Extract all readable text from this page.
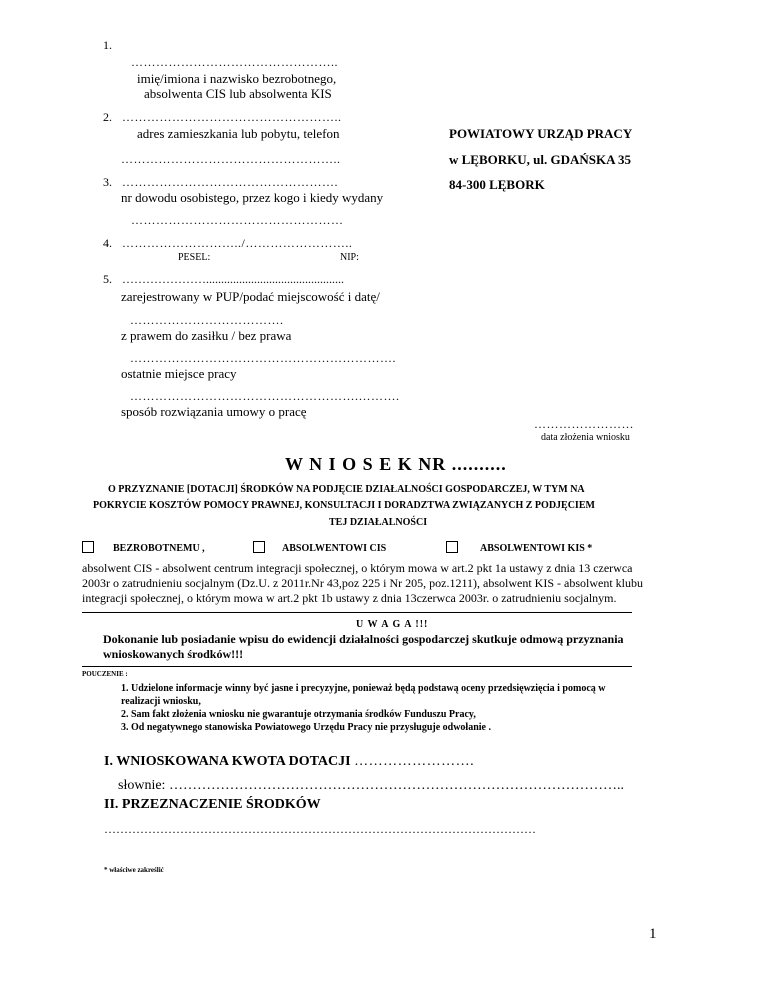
1.
…………………………………………..
imię/imiona i nazwisko bezrobotnego,
absolwenta CIS lub absolwenta KIS
2. ……………………………………………..
adres zamieszkania lub pobytu, telefon
……………………………………………..
POWIATOWY URZĄD PRACY
w LĘBORKU, ul. GDAŃSKA 35
84-300 LĘBORK
3. …………………………………………….
nr dowodu osobistego, przez kogo i kiedy wydany
……………………………………………
4. ………………………../……………………..
PESEL:	NIP:
5. …………………..............................................
zarejestrowany w PUP/podać miejscowość i datę/
……………………………….
z prawem do zasiłku / bez prawa
……………………………………………………….
ostatnie miejsce pracy
……………………………………………….……….
sposób rozwiązania umowy o pracę
……………………
data złożenia wniosku
W N I O S E K NR ..........
O PRZYZNANIE [DOTACJI] ŚRODKÓW NA PODJĘCIE DZIAŁALNOŚCI GOSPODARCZEJ, W TYM NA
POKRYCIE KOSZTÓW POMOCY PRAWNEJ, KONSULTACJI I DORADZTWA ZWIĄZANYCH Z PODJĘCIEM
TEJ DZIAŁALNOŚCI
BEZROBOTNEMU ,	ABSOLWENTOWI CIS	ABSOLWENTOWI KIS *
absolwent CIS - absolwent centrum integracji społecznej, o którym mowa w art.2 pkt 1a ustawy z dnia 13 czerwca
2003r o zatrudnieniu socjalnym (Dz.U. z 2011r.Nr 43,poz 225 i Nr 205, poz.1211), absolwent KIS - absolwent klubu
integracji społecznej, o którym mowa w art.2 pkt 1b ustawy z dnia 13czerwca 2003r. o zatrudnieniu socjalnym.
U W A G A !!!
Dokonanie lub posiadanie wpisu do ewidencji działalności gospodarczej skutkuje odmową przyznania
wnioskowanych środków!!!
POUCZENIE :
1. Udzielone informacje winny być jasne i precyzyjne, ponieważ będą podstawą oceny przedsięwzięcia i pomocą w
realizacji wniosku,
2. Sam fakt złożenia wniosku nie gwarantuje otrzymania środków Funduszu Pracy,
3. Od negatywnego stanowiska Powiatowego Urzędu Pracy nie przysługuje odwołanie .
I. WNIOSKOWANA KWOTA DOTACJI …………………….
słownie: ……………………………………………………………………………………..
II. PRZEZNACZENIE ŚRODKÓW
………………………………………………………………………………………………
* właściwe zakreślić
1
